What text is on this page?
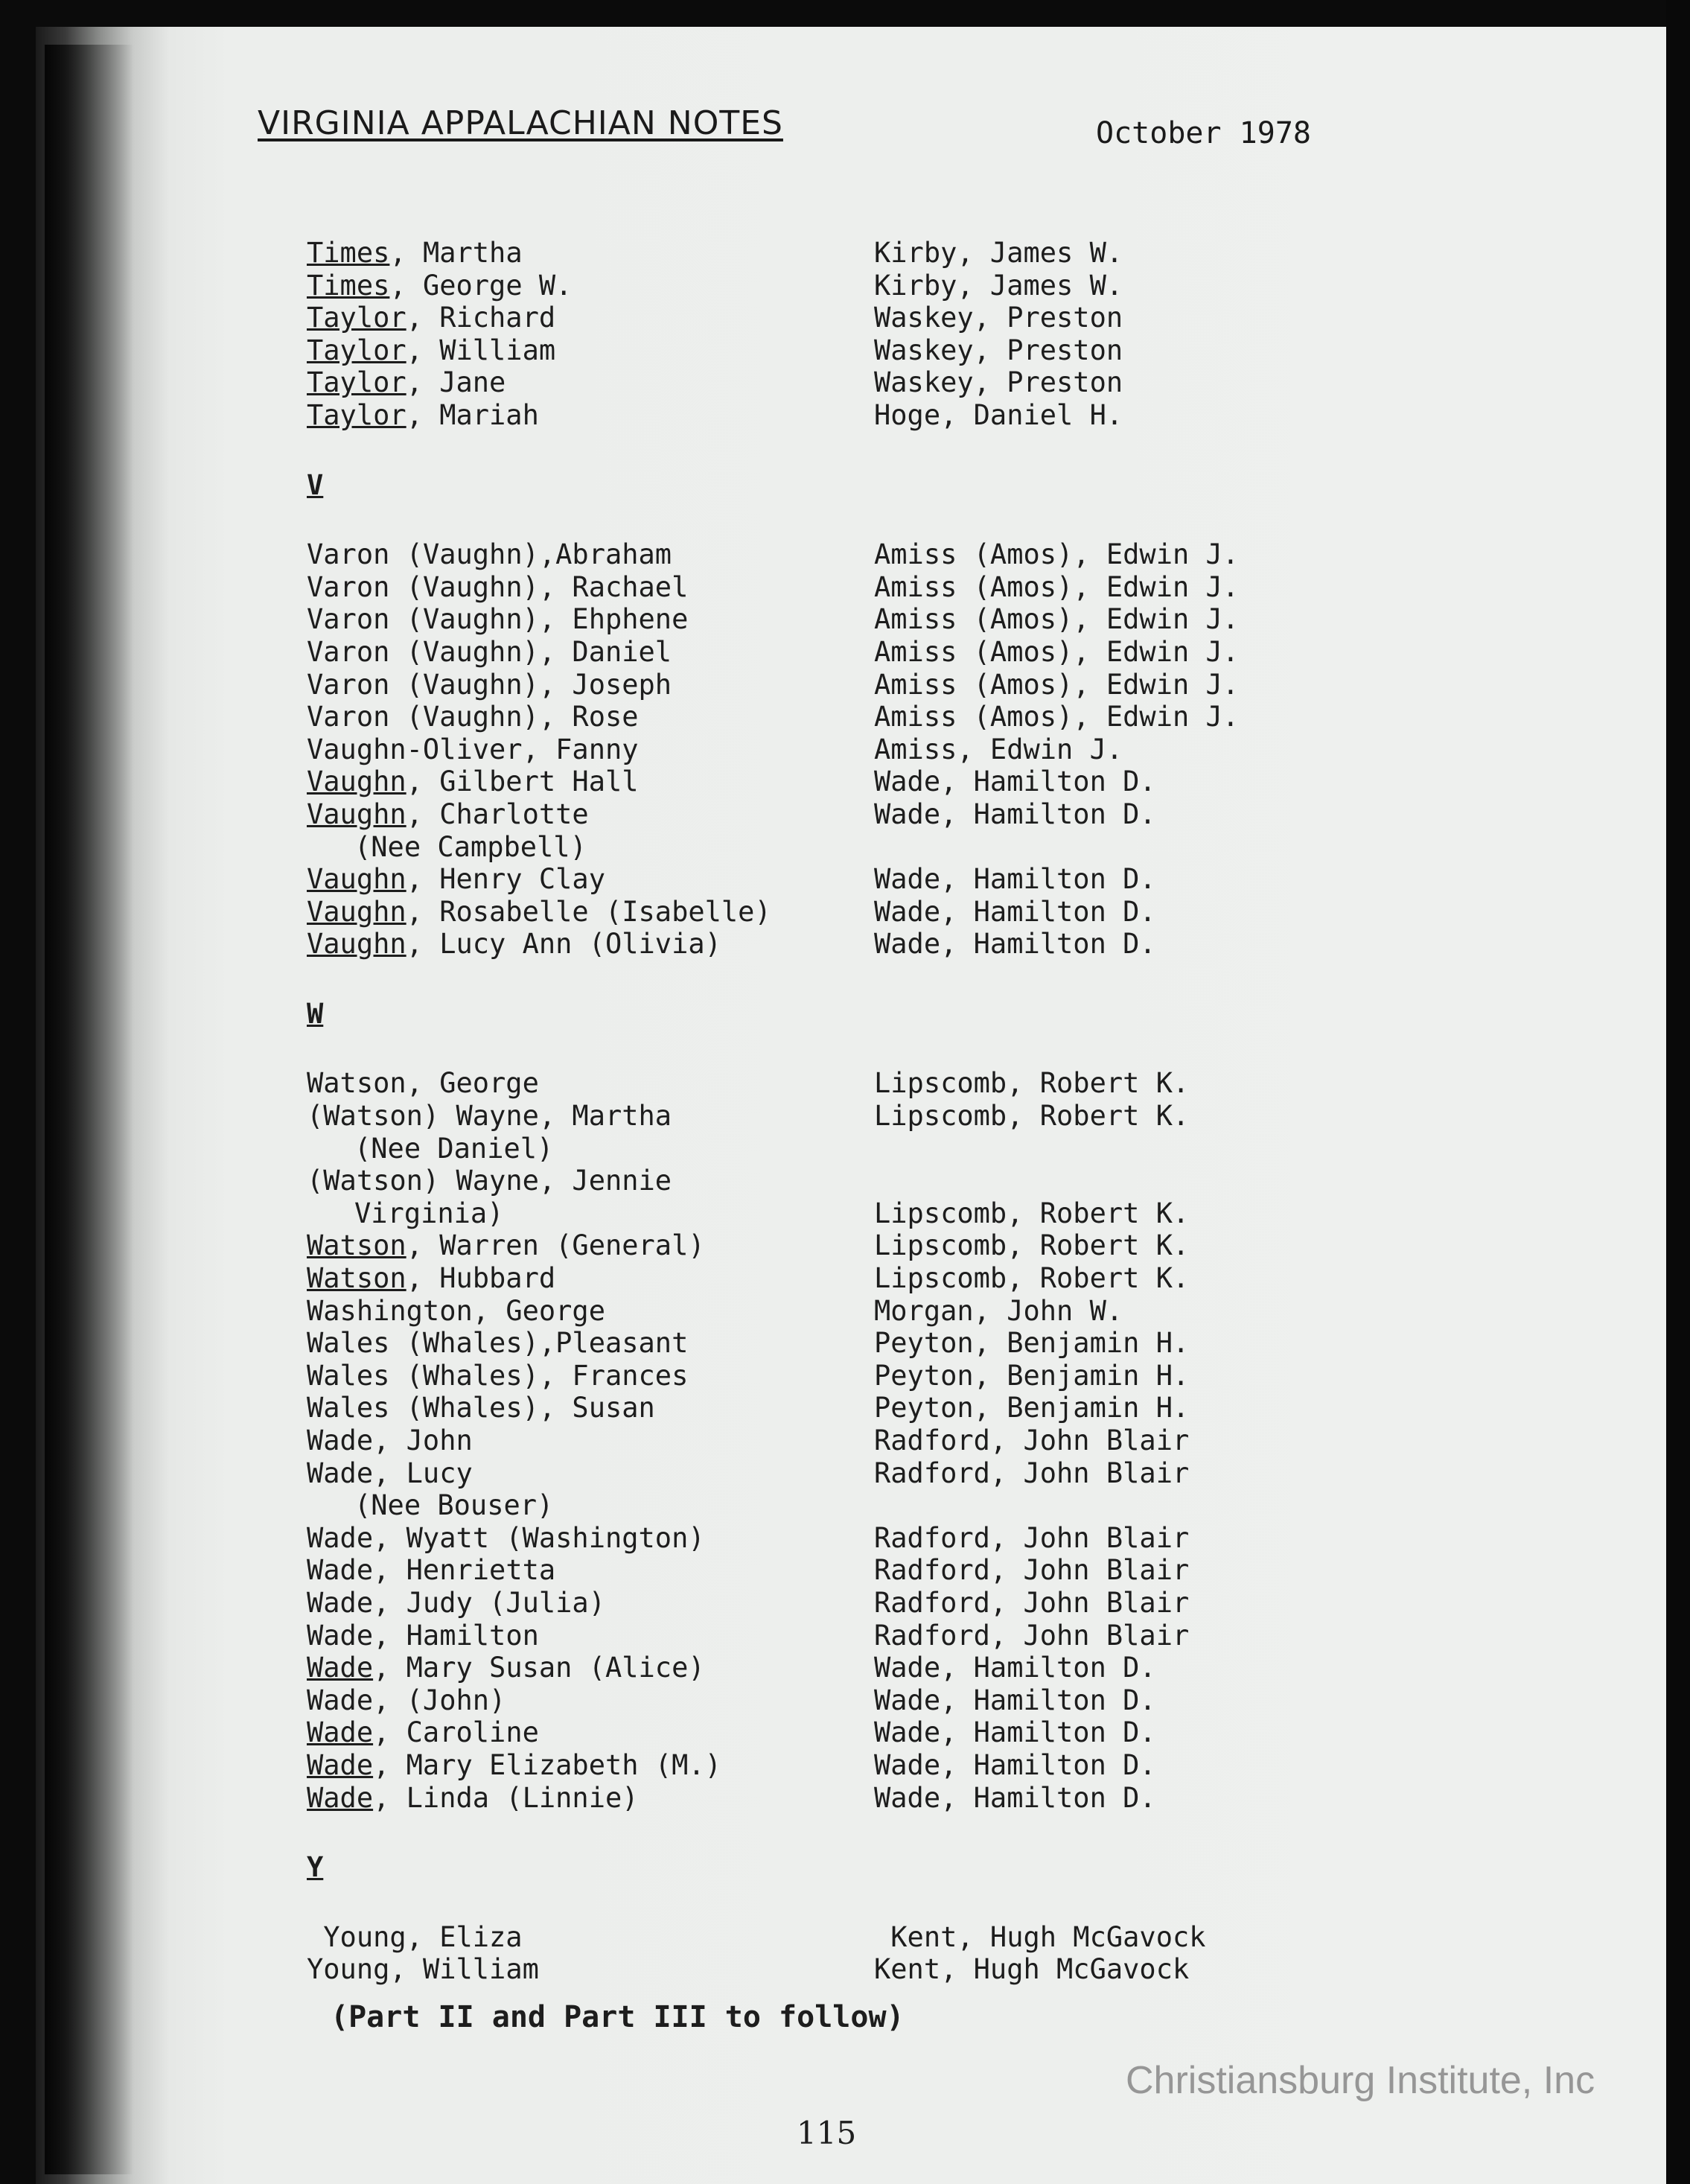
VIRGINIA APPALACHIAN NOTES	October 1978
Times, Martha	Kirby, James W.
Times, George W.	Kirby, James W.
Taylor, Richard	Waskey, Preston
Taylor, William	Waskey, Preston
Taylor, Jane	Waskey, Preston
Taylor, Mariah	Hoge, Daniel H.
V
Varon (Vaughn),Abraham	Amiss (Amos), Edwin J.
Varon (Vaughn), Rachael	Amiss (Amos), Edwin J.
Varon (Vaughn), Ehphene	Amiss (Amos), Edwin J.
Varon (Vaughn), Daniel	Amiss (Amos), Edwin J.
Varon (Vaughn), Joseph	Amiss (Amos), Edwin J.
Varon (Vaughn), Rose	Amiss (Amos), Edwin J.
Vaughn-Oliver, Fanny	Amiss, Edwin J.
Vaughn, Gilbert Hall	Wade, Hamilton D.
Vaughn, Charlotte	Wade, Hamilton D.
(Nee Campbell)
Vaughn, Henry Clay	Wade, Hamilton D.
Vaughn, Rosabelle (Isabelle)	Wade, Hamilton D.
Vaughn, Lucy Ann (Olivia)	Wade, Hamilton D.
W
Watson, George	Lipscomb, Robert K.
(Watson) Wayne, Martha	Lipscomb, Robert K.
(Nee Daniel)
(Watson) Wayne, Jennie
Virginia)	Lipscomb, Robert K.
Watson, Warren (General)	Lipscomb, Robert K.
Watson, Hubbard	Lipscomb, Robert K.
Washington, George	Morgan, John W.
Wales (Whales),Pleasant	Peyton, Benjamin H.
Wales (Whales), Frances	Peyton, Benjamin H.
Wales (Whales), Susan	Peyton, Benjamin H.
Wade, John	Radford, John Blair
Wade, Lucy	Radford, John Blair
(Nee Bouser)
Wade, Wyatt (Washington)	Radford, John Blair
Wade, Henrietta	Radford, John Blair
Wade, Judy (Julia)	Radford, John Blair
Wade, Hamilton	Radford, John Blair
Wade, Mary Susan (Alice)	Wade, Hamilton D.
Wade, (John)	Wade, Hamilton D.
Wade, Caroline	Wade, Hamilton D.
Wade, Mary Elizabeth (M.)	Wade, Hamilton D.
Wade, Linda (Linnie)	Wade, Hamilton D.
Y
Young, Eliza	Kent, Hugh McGavock
Young, William	Kent, Hugh McGavock
(Part II and Part III to follow)
115
Christiansburg Institute, Inc
